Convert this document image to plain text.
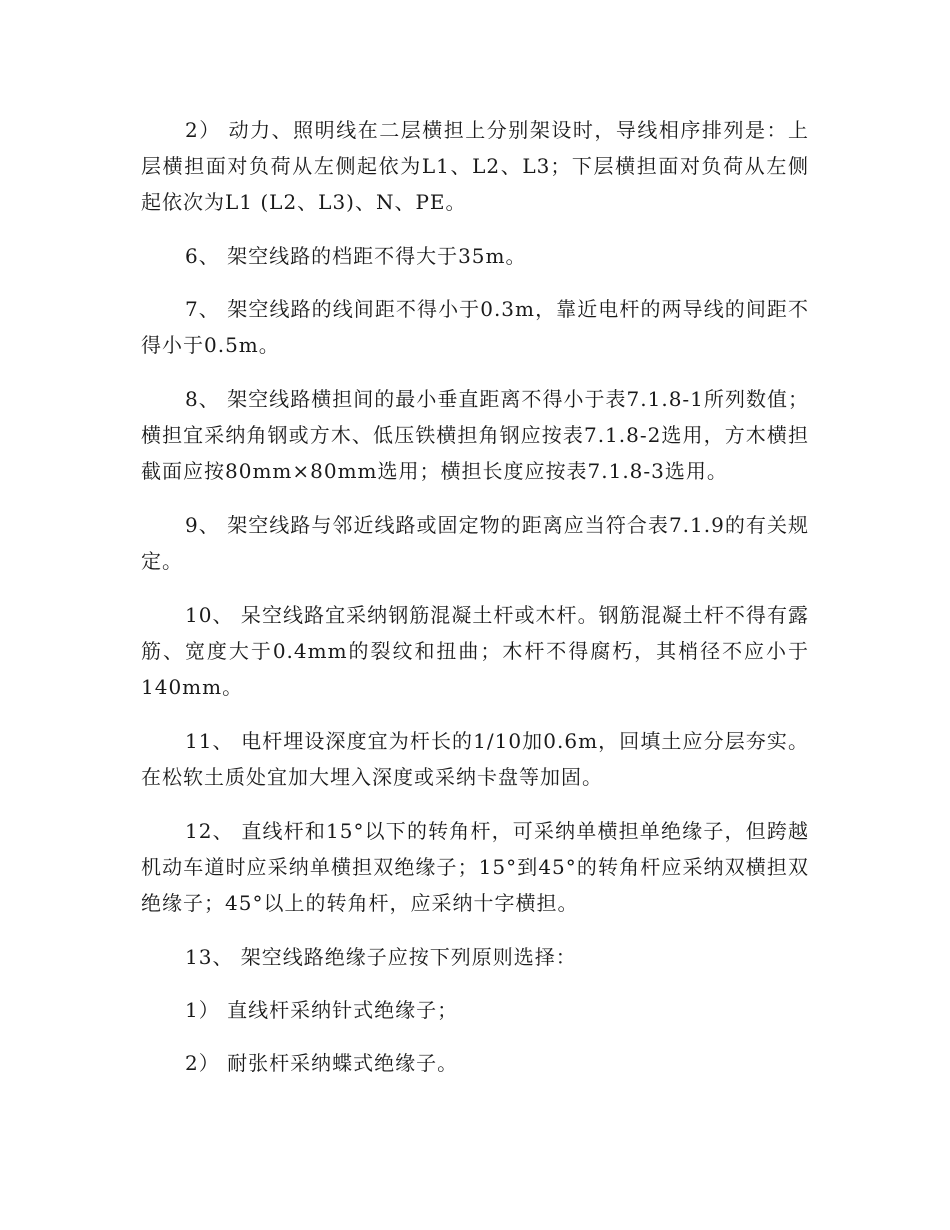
2） 动力、照明线在二层横担上分别架设时，导线相序排列是：上层横担面对负荷从左侧起依为L1、L2、L3；下层横担面对负荷从左侧起依次为L1 (L2、L3)、N、PE。

6、 架空线路的档距不得大于35m。

7、 架空线路的线间距不得小于0.3m，靠近电杆的两导线的间距不得小于0.5m。

8、 架空线路横担间的最小垂直距离不得小于表7.1.8-1所列数值；横担宜采纳角钢或方木、低压铁横担角钢应按表7.1.8-2选用，方木横担截面应按80mm×80mm选用；横担长度应按表7.1.8-3选用。

9、 架空线路与邻近线路或固定物的距离应当符合表7.1.9的有关规定。

10、 呆空线路宜采纳钢筋混凝土杆或木杆。钢筋混凝土杆不得有露筋、宽度大于0.4mm的裂纹和扭曲；木杆不得腐朽，其梢径不应小于140mm。

11、 电杆埋设深度宜为杆长的1/10加0.6m，回填土应分层夯实。在松软土质处宜加大埋入深度或采纳卡盘等加固。

12、 直线杆和15°以下的转角杆，可采纳单横担单绝缘子，但跨越机动车道时应采纳单横担双绝缘子；15°到45°的转角杆应采纳双横担双绝缘子；45°以上的转角杆，应采纳十字横担。

13、 架空线路绝缘子应按下列原则选择：

1） 直线杆采纳针式绝缘子；

2） 耐张杆采纳蝶式绝缘子。
